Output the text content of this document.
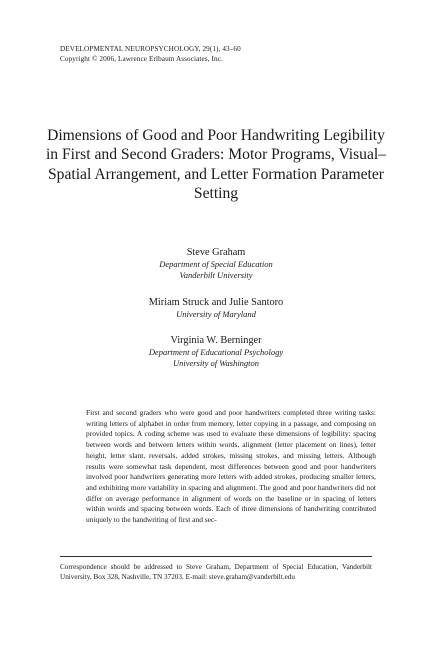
DEVELOPMENTAL NEUROPSYCHOLOGY, 29(1), 43–60
Copyright © 2006, Lawrence Erlbaum Associates, Inc.
Dimensions of Good and Poor Handwriting Legibility in First and Second Graders: Motor Programs, Visual–Spatial Arrangement, and Letter Formation Parameter Setting
Steve Graham
Department of Special Education
Vanderbilt University
Miriam Struck and Julie Santoro
University of Maryland
Virginia W. Berninger
Department of Educational Psychology
University of Washington

First and second graders who were good and poor handwriters completed three writing tasks: writing letters of alphabet in order from memory, letter copying in a passage, and composing on provided topics. A coding scheme was used to evaluate these dimensions of legibility: spacing between words and between letters within words, alignment (letter placement on lines), letter height, letter slant, reversals, added strokes, missing strokes, and missing letters. Although results were somewhat task dependent, most differences between good and poor handwriters involved poor handwriters generating more letters with added strokes, producing smaller letters, and exhibiting more variability in spacing and alignment. The good and poor handwriters did not differ on average performance in alignment of words on the baseline or in spacing of letters within words and spacing between words. Each of three dimensions of handwriting contributed uniquely to the handwriting of first and sec-

Correspondence should be addressed to Steve Graham, Department of Special Education, Vanderbilt University, Box 328, Nashville, TN 37203. E-mail: steve.graham@vanderbilt.edu
